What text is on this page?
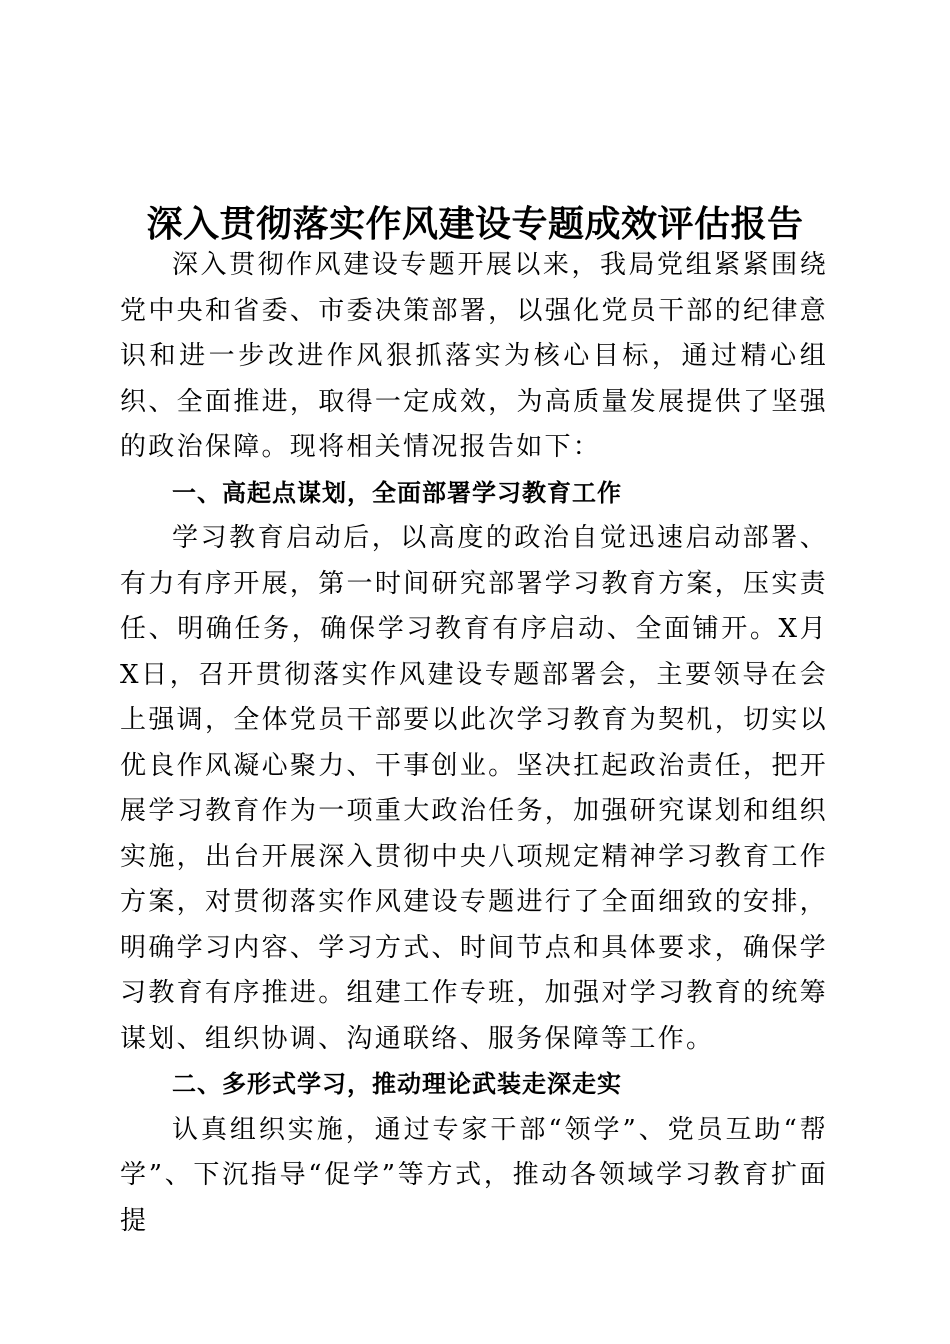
深入贯彻落实作风建设专题成效评估报告

深入贯彻作风建设专题开展以来，我局党组紧紧围绕党中央和省委、市委决策部署，以强化党员干部的纪律意识和进一步改进作风狠抓落实为核心目标，通过精心组织、全面推进，取得一定成效，为高质量发展提供了坚强的政治保障。现将相关情况报告如下：

一、高起点谋划，全面部署学习教育工作

学习教育启动后，以高度的政治自觉迅速启动部署、有力有序开展，第一时间研究部署学习教育方案，压实责任、明确任务，确保学习教育有序启动、全面铺开。X月X日，召开贯彻落实作风建设专题部署会，主要领导在会上强调，全体党员干部要以此次学习教育为契机，切实以优良作风凝心聚力、干事创业。坚决扛起政治责任，把开展学习教育作为一项重大政治任务，加强研究谋划和组织实施，出台开展深入贯彻中央八项规定精神学习教育工作方案，对贯彻落实作风建设专题进行了全面细致的安排，明确学习内容、学习方式、时间节点和具体要求，确保学习教育有序推进。组建工作专班，加强对学习教育的统筹谋划、组织协调、沟通联络、服务保障等工作。

二、多形式学习，推动理论武装走深走实

认真组织实施，通过专家干部“领学”、党员互助“帮学”、下沉指导“促学”等方式，推动各领域学习教育扩面提
